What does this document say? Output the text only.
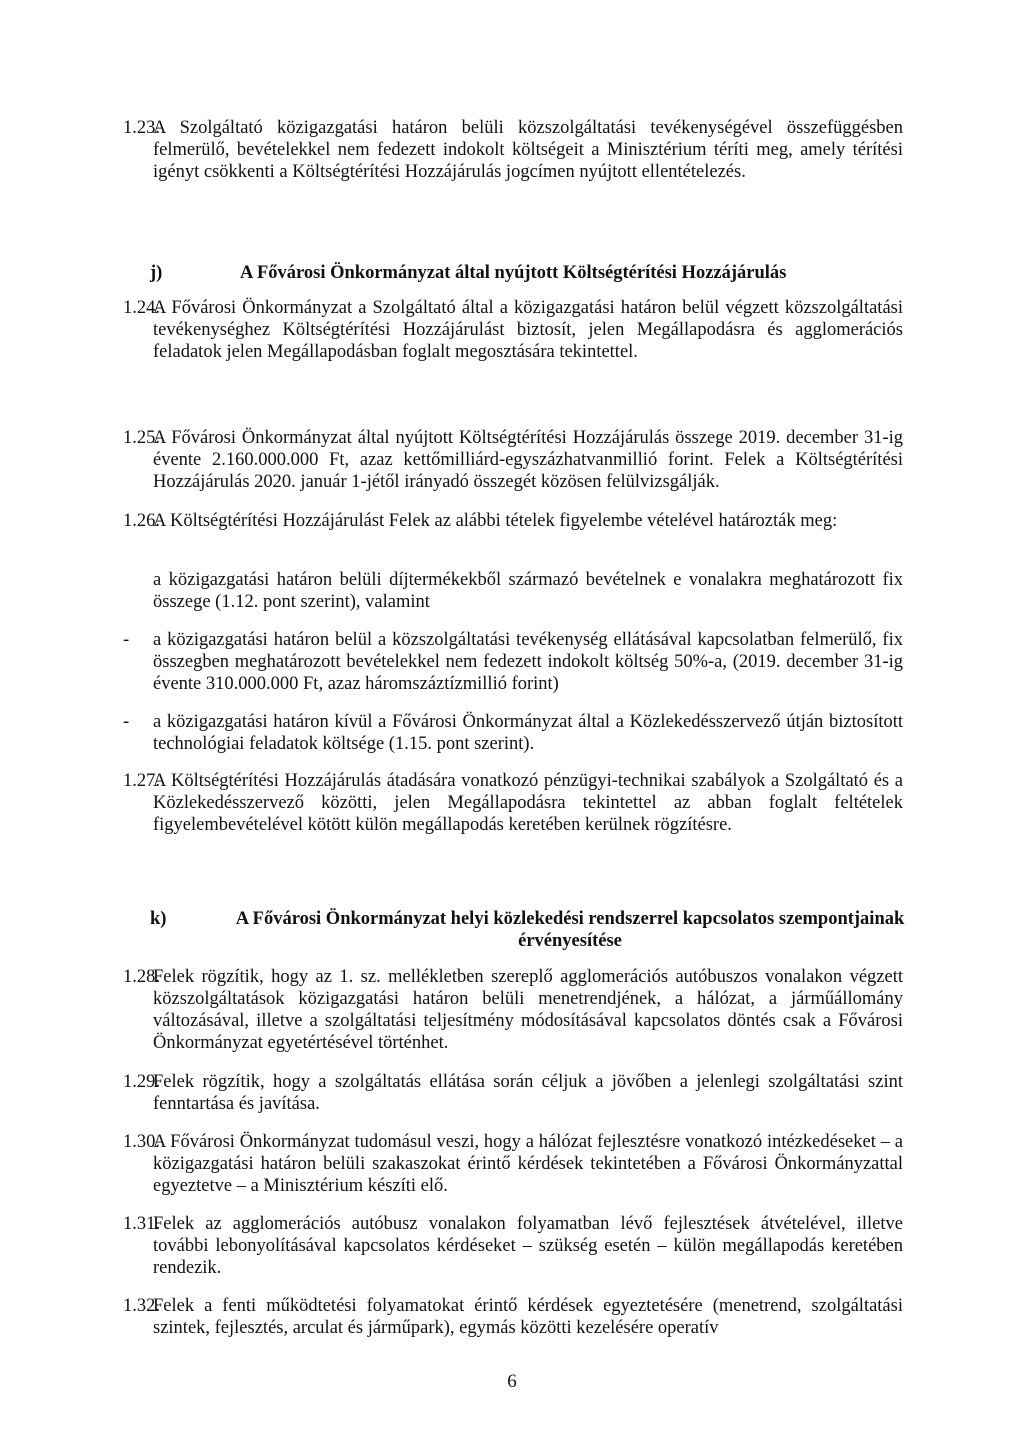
1.23.
A Szolgáltató közigazgatási határon belüli közszolgáltatási tevékenységével összefüggésben felmerülő, bevételekkel nem fedezett indokolt költségeit a Minisztérium téríti meg, amely térítési igényt csökkenti a Költségtérítési Hozzájárulás jogcímen nyújtott ellentételezés.
j)	A Fővárosi Önkormányzat által nyújtott Költségtérítési Hozzájárulás
1.24.
A Fővárosi Önkormányzat a Szolgáltató által a közigazgatási határon belül végzett közszolgáltatási tevékenységhez Költségtérítési Hozzájárulást biztosít, jelen Megállapodásra és agglomerációs feladatok jelen Megállapodásban foglalt megosztására tekintettel.
1.25.
A Fővárosi Önkormányzat által nyújtott Költségtérítési Hozzájárulás összege 2019. december 31-ig évente 2.160.000.000 Ft, azaz kettőmilliárd-egyszázhatvanmillió forint. Felek a Költségtérítési Hozzájárulás 2020. január 1-jétől irányadó összegét közösen felülvizsgálják.
1.26.
A Költségtérítési Hozzájárulást Felek az alábbi tételek figyelembe vételével határozták meg:
a közigazgatási határon belüli díjtermékekből származó bevételnek e vonalakra meghatározott fix összege (1.12. pont szerint), valamint
-	a közigazgatási határon belül a közszolgáltatási tevékenység ellátásával kapcsolatban felmerülő, fix összegben meghatározott bevételekkel nem fedezett indokolt költség 50%-a, (2019. december 31-ig évente 310.000.000 Ft, azaz háromszáztízmillió forint)
-	a közigazgatási határon kívül a Fővárosi Önkormányzat által a Közlekedésszervező útján biztosított technológiai feladatok költsége (1.15. pont szerint).
1.27.
A Költségtérítési Hozzájárulás átadására vonatkozó pénzügyi-technikai szabályok a Szolgáltató és a Közlekedésszervező közötti, jelen Megállapodásra tekintettel az abban foglalt feltételek figyelembevételével kötött külön megállapodás keretében kerülnek rögzítésre.
k)	A Fővárosi Önkormányzat helyi közlekedési rendszerrel kapcsolatos szempontjainak érvényesítése
1.28.
Felek rögzítik, hogy az 1. sz. mellékletben szereplő agglomerációs autóbuszos vonalakon végzett közszolgáltatások közigazgatási határon belüli menetrendjének, a hálózat, a járműállomány változásával, illetve a szolgáltatási teljesítmény módosításával kapcsolatos döntés csak a Fővárosi Önkormányzat egyetértésével történhet.
1.29.
Felek rögzítik, hogy a szolgáltatás ellátása során céljuk a jövőben a jelenlegi szolgáltatási szint fenntartása és javítása.
1.30.
A Fővárosi Önkormányzat tudomásul veszi, hogy a hálózat fejlesztésre vonatkozó intézkedéseket – a közigazgatási határon belüli szakaszokat érintő kérdések tekintetében a Fővárosi Önkormányzattal egyeztetve – a Minisztérium készíti elő.
1.31.
Felek az agglomerációs autóbusz vonalakon folyamatban lévő fejlesztések átvételével, illetve további lebonyolításával kapcsolatos kérdéseket – szükség esetén – külön megállapodás keretében rendezik.
1.32.
Felek a fenti működtetési folyamatokat érintő kérdések egyeztetésére (menetrend, szolgáltatási szintek, fejlesztés, arculat és járműpark), egymás közötti kezelésére operatív
6
